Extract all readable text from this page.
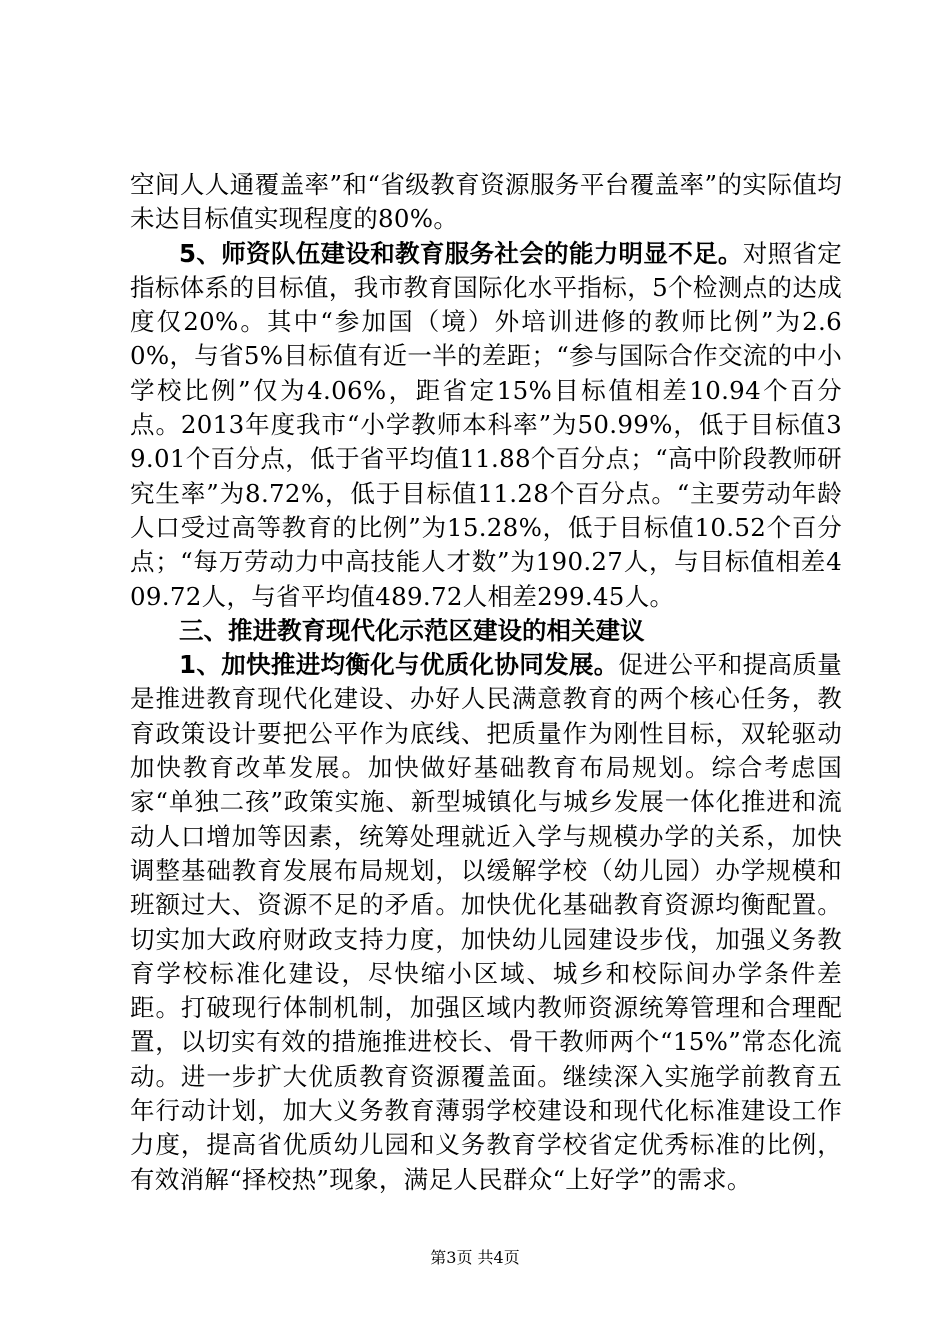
空间人人通覆盖率”和“省级教育资源服务平台覆盖率”的实际值均未达目标值实现程度的80%。

5、师资队伍建设和教育服务社会的能力明显不足。对照省定指标体系的目标值，我市教育国际化水平指标，5个检测点的达成度仅20%。其中“参加国（境）外培训进修的教师比例”为2.60%，与省5%目标值有近一半的差距；“参与国际合作交流的中小学校比例”仅为4.06%，距省定15%目标值相差10.94个百分点。2013年度我市“小学教师本科率”为50.99%，低于目标值39.01个百分点，低于省平均值11.88个百分点；“高中阶段教师研究生率”为8.72%，低于目标值11.28个百分点。“主要劳动年龄人口受过高等教育的比例”为15.28%，低于目标值10.52个百分点；“每万劳动力中高技能人才数”为190.27人，与目标值相差409.72人，与省平均值489.72人相差299.45人。

三、推进教育现代化示范区建设的相关建议

1、加快推进均衡化与优质化协同发展。促进公平和提高质量是推进教育现代化建设、办好人民满意教育的两个核心任务，教育政策设计要把公平作为底线、把质量作为刚性目标，双轮驱动加快教育改革发展。加快做好基础教育布局规划。综合考虑国家“单独二孩”政策实施、新型城镇化与城乡发展一体化推进和流动人口增加等因素，统筹处理就近入学与规模办学的关系，加快调整基础教育发展布局规划，以缓解学校（幼儿园）办学规模和班额过大、资源不足的矛盾。加快优化基础教育资源均衡配置。切实加大政府财政支持力度，加快幼儿园建设步伐，加强义务教育学校标准化建设，尽快缩小区域、城乡和校际间办学条件差距。打破现行体制机制，加强区域内教师资源统筹管理和合理配置，以切实有效的措施推进校长、骨干教师两个“15%”常态化流动。进一步扩大优质教育资源覆盖面。继续深入实施学前教育五年行动计划，加大义务教育薄弱学校建设和现代化标准建设工作力度，提高省优质幼儿园和义务教育学校省定优秀标准的比例，有效消解“择校热”现象，满足人民群众“上好学”的需求。

第3页 共4页
